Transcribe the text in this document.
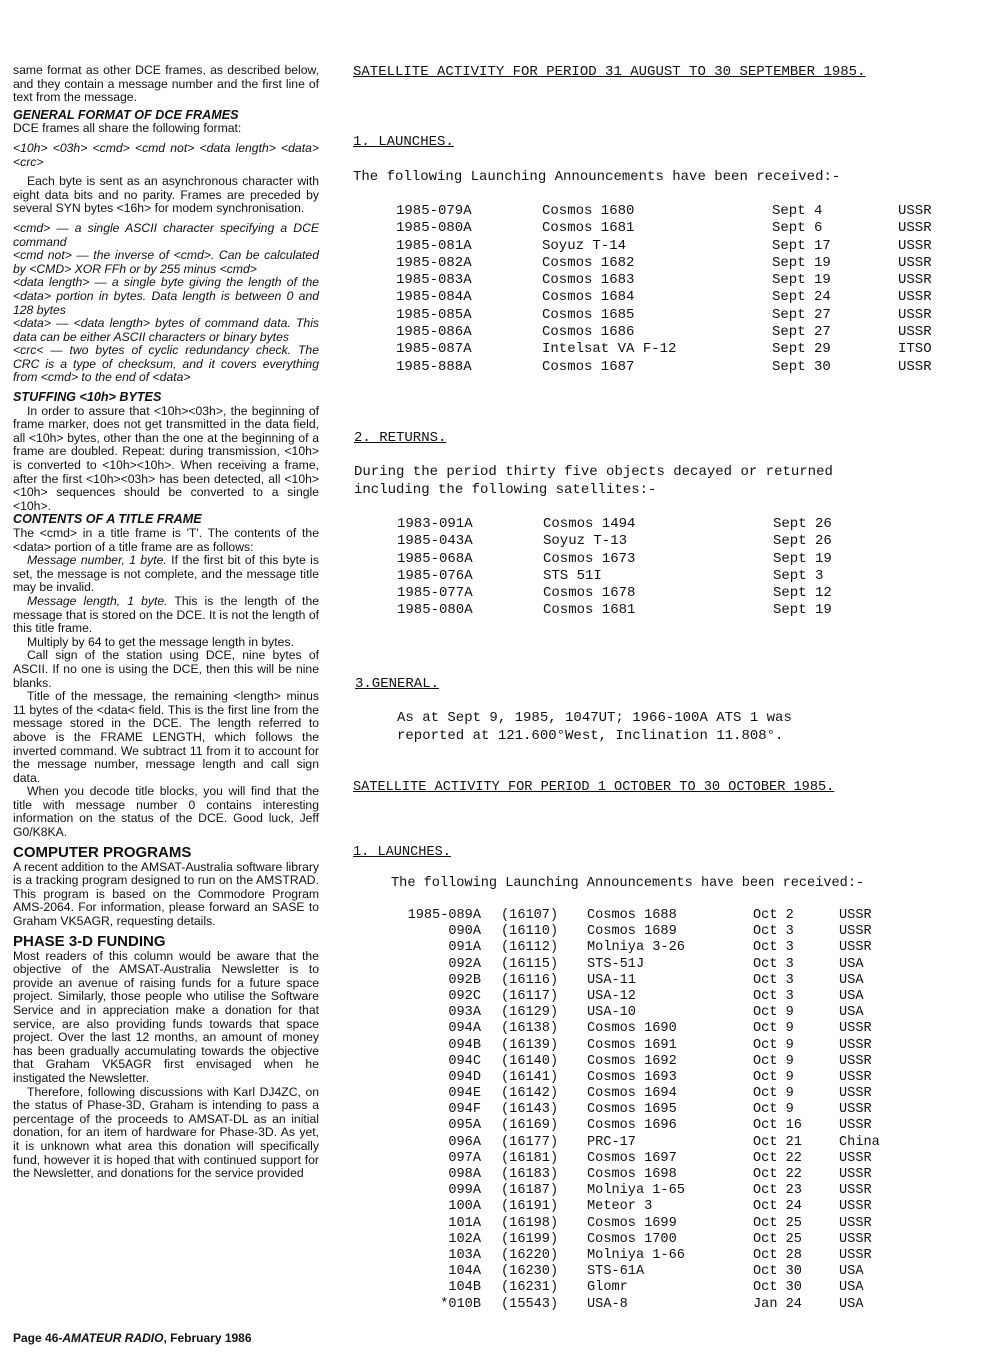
same format as other DCE frames, as described below, and they contain a message number and the first line of text from the message.

GENERAL FORMAT OF DCE FRAMES

DCE frames all share the following format:

<10h> <03h> <cmd> <cmd not> <data length> <data> <crc>

Each byte is sent as an asynchronous character with eight data bits and no parity. Frames are preceded by several SYN bytes <16h> for modem synchronisation.

<cmd> — a single ASCII character specifying a DCE command

<cmd not> — the inverse of <cmd>. Can be calculated by <CMD> XOR FFh or by 255 minus <cmd>

<data length> — a single byte giving the length of the <data> portion in bytes. Data length is between 0 and 128 bytes

<data> — <data length> bytes of command data. This data can be either ASCII characters or binary bytes

<crc< — two bytes of cyclic redundancy check. The CRC is a type of checksum, and it covers everything from <cmd> to the end of <data>

STUFFING <10h> BYTES

In order to assure that <10h><03h>, the beginning of frame marker, does not get transmitted in the data field, all <10h> bytes, other than the one at the beginning of a frame are doubled. Repeat: during transmission, <10h> is converted to <10h><10h>. When receiving a frame, after the first <10h><03h> has been detected, all <10h><10h> sequences should be converted to a single <10h>.

CONTENTS OF A TITLE FRAME

The <cmd> in a title frame is 'T'. The contents of the <data> portion of a title frame are as follows:

Message number, 1 byte. If the first bit of this byte is set, the message is not complete, and the message title may be invalid.

Message length, 1 byte. This is the length of the message that is stored on the DCE. It is not the length of this title frame.

Multiply by 64 to get the message length in bytes.

Call sign of the station using DCE, nine bytes of ASCII. If no one is using the DCE, then this will be nine blanks.

Title of the message, the remaining <length> minus 11 bytes of the <data< field. This is the first line from the message stored in the DCE. The length referred to above is the FRAME LENGTH, which follows the inverted command. We subtract 11 from it to account for the message number, message length and call sign data.

When you decode title blocks, you will find that the title with message number 0 contains interesting information on the status of the DCE. Good luck, Jeff G0/K8KA.

COMPUTER PROGRAMS

A recent addition to the AMSAT-Australia software library is a tracking program designed to run on the AMSTRAD. This program is based on the Commodore Program AMS-2064. For information, please forward an SASE to Graham VK5AGR, requesting details.

PHASE 3-D FUNDING

Most readers of this column would be aware that the objective of the AMSAT-Australia Newsletter is to provide an avenue of raising funds for a future space project. Similarly, those people who utilise the Software Service and in appreciation make a donation for that service, are also providing funds towards that space project. Over the last 12 months, an amount of money has been gradually accumulating towards the objective that Graham VK5AGR first envisaged when he instigated the Newsletter.

Therefore, following discussions with Karl DJ4ZC, on the status of Phase-3D, Graham is intending to pass a percentage of the proceeds to AMSAT-DL as an initial donation, for an item of hardware for Phase-3D. As yet, it is unknown what area this donation will specifically fund, however it is hoped that with continued support for the Newsletter, and donations for the service provided

Page 46-AMATEUR RADIO, February 1986

SATELLITE ACTIVITY FOR PERIOD 31 AUGUST TO 30 SEPTEMBER 1985.

1. LAUNCHES.

The following Launching Announcements have been received:-

1985-079A	Cosmos 1680	Sept 4	USSR
1985-080A	Cosmos 1681	Sept 6	USSR
1985-081A	Soyuz T-14	Sept 17	USSR
1985-082A	Cosmos 1682	Sept 19	USSR
1985-083A	Cosmos 1683	Sept 19	USSR
1985-084A	Cosmos 1684	Sept 24	USSR
1985-085A	Cosmos 1685	Sept 27	USSR
1985-086A	Cosmos 1686	Sept 27	USSR
1985-087A	Intelsat VA F-12	Sept 29	ITSO
1985-888A	Cosmos 1687	Sept 30	USSR

2. RETURNS.

During the period thirty five objects decayed or returned

including the following satellites:-

1983-091A	Cosmos 1494	Sept 26
1985-043A	Soyuz T-13	Sept 26
1985-068A	Cosmos 1673	Sept 19
1985-076A	STS 51I	Sept 3
1985-077A	Cosmos 1678	Sept 12
1985-080A	Cosmos 1681	Sept 19

3.GENERAL.

As at Sept 9, 1985, 1047UT; 1966-100A ATS 1 was

reported at 121.600°West, Inclination 11.808°.

SATELLITE ACTIVITY FOR PERIOD 1 OCTOBER TO 30 OCTOBER 1985.

1. LAUNCHES.

The following Launching Announcements have been received:-

1985-089A (16107) Cosmos 1688	Oct 2	USSR
090A (16110) Cosmos 1689	Oct 3	USSR
091A (16112) Molniya 3-26	Oct 3	USSR
092A (16115) STS-51J	Oct 3	USA
092B (16116) USA-11	Oct 3	USA
092C (16117) USA-12	Oct 3	USA
093A (16129) USA-10	Oct 9	USA
094A (16138) Cosmos 1690	Oct 9	USSR
094B (16139) Cosmos 1691	Oct 9	USSR
094C (16140) Cosmos 1692	Oct 9	USSR
094D (16141) Cosmos 1693	Oct 9	USSR
094E (16142) Cosmos 1694	Oct 9	USSR
094F (16143) Cosmos 1695	Oct 9	USSR
095A (16169) Cosmos 1696	Oct 16	USSR
096A (16177) PRC-17	Oct 21	China
097A (16181) Cosmos 1697	Oct 22	USSR
098A (16183) Cosmos 1698	Oct 22	USSR
099A (16187) Molniya 1-65	Oct 23	USSR
100A (16191) Meteor 3	Oct 24	USSR
101A (16198) Cosmos 1699	Oct 25	USSR
102A (16199) Cosmos 1700	Oct 25	USSR
103A (16220) Molniya 1-66	Oct 28	USSR
104A (16230) STS-61A	Oct 30	USA
104B (16231) Glomr	Oct 30	USA
*010B (15543) USA-8	Jan 24	USA
